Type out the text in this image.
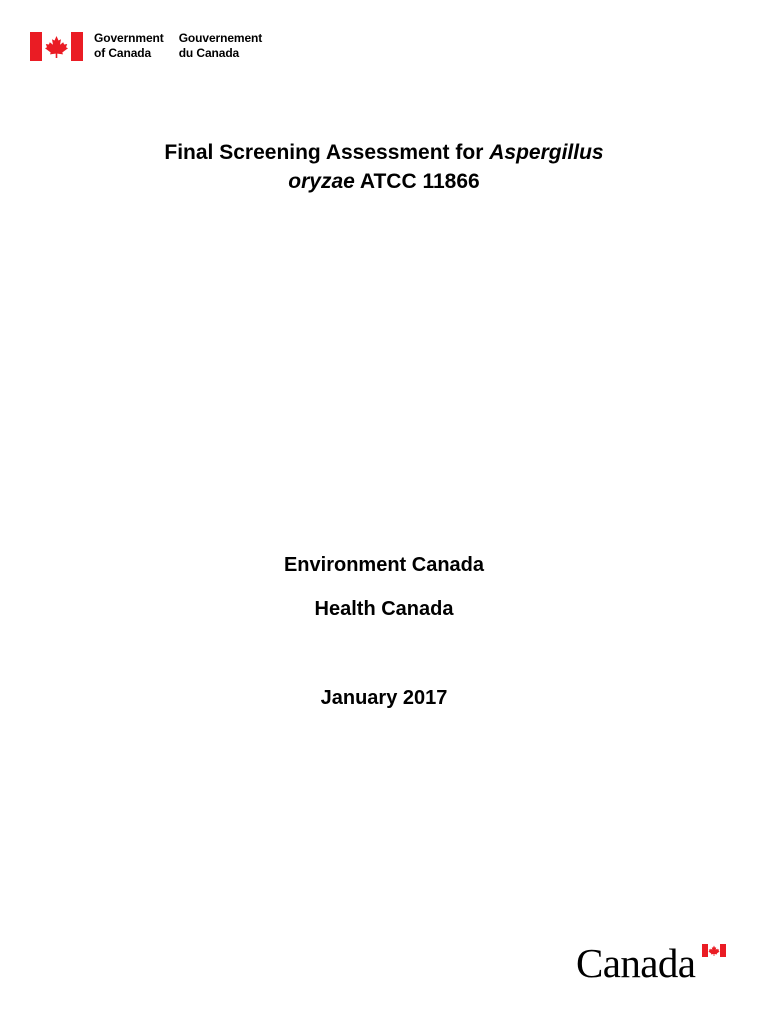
Government
of Canada
Gouvernement
du Canada
Final Screening Assessment for Aspergillus
oryzae ATCC 11866
Environment Canada
Health Canada
January 2017
Canada
